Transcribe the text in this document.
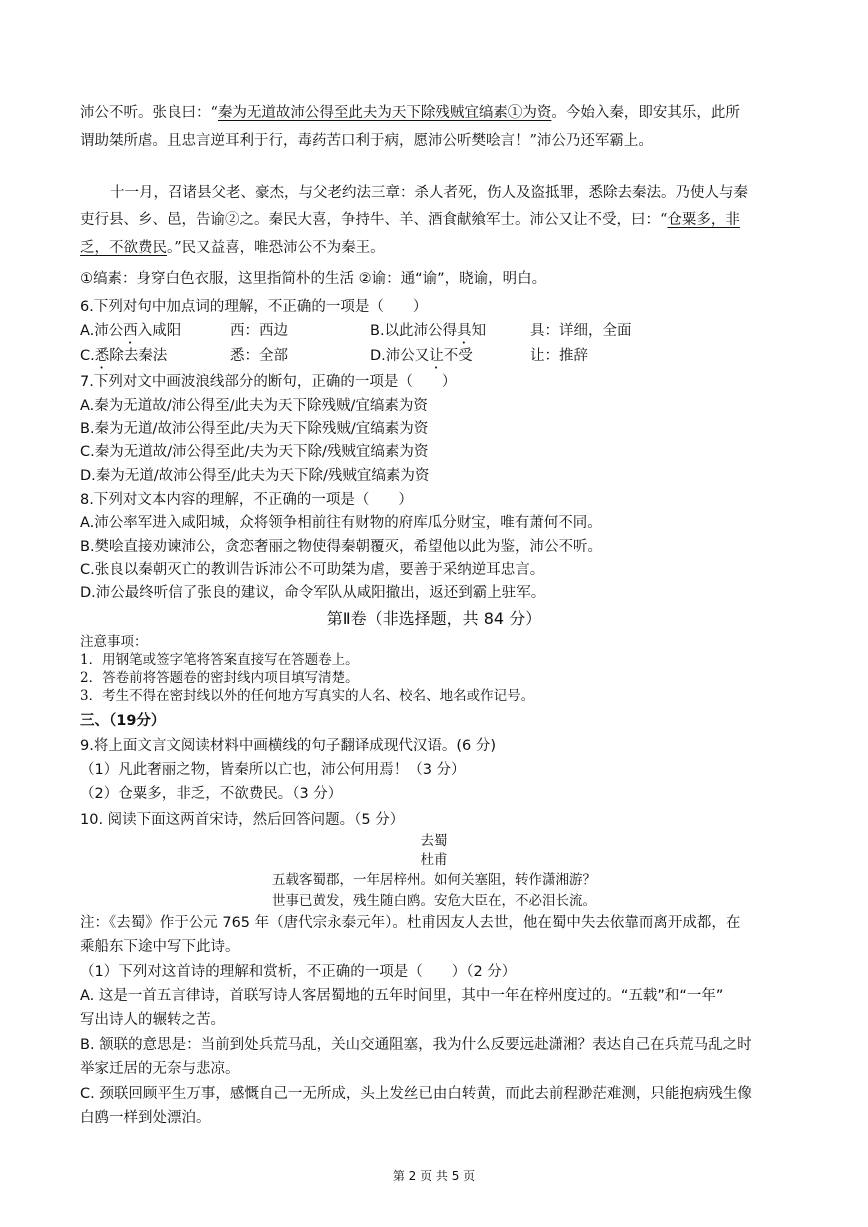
沛公不听。张良曰：“秦为无道故沛公得至此夫为天下除残贼宜缟素①为资。今始入秦，即安其乐，此所
谓助桀所虐。且忠言逆耳利于行，毒药苦口利于病，愿沛公听樊哙言！”沛公乃还军霸上。
十一月，召诸县父老、豪杰，与父老约法三章：杀人者死，伤人及盗抵罪，悉除去秦法。乃使人与秦
吏行县、乡、邑，告谕②之。秦民大喜，争持牛、羊、酒食献飨军士。沛公又让不受，曰：“仓粟多，非
乏，不欲费民。”民又益喜，唯恐沛公不为秦王。
①缟素：身穿白色衣服，这里指简朴的生活 ②谕：通“谕”，晓谕，明白。
6.下列对句中加点词的理解，不正确的一项是（　　）
A.沛公西入咸阳	西：西边	B.以此沛公得具知	具：详细，全面
C.悉除去秦法	悉：全部	D.沛公又让不受	让：推辞
7.下列对文中画波浪线部分的断句，正确的一项是（　　）
A.秦为无道故/沛公得至/此夫为天下除残贼/宜缟素为资
B.秦为无道/故沛公得至此/夫为天下除残贼/宜缟素为资
C.秦为无道故/沛公得至此/夫为天下除/残贼宜缟素为资
D.秦为无道/故沛公得至/此夫为天下除/残贼宜缟素为资
8.下列对文本内容的理解，不正确的一项是（　　）
A.沛公率军进入咸阳城，众将领争相前往有财物的府库瓜分财宝，唯有萧何不同。
B.樊哙直接劝谏沛公，贪恋奢丽之物使得秦朝覆灭，希望他以此为鉴，沛公不听。
C.张良以秦朝灭亡的教训告诉沛公不可助桀为虐，要善于采纳逆耳忠言。
D.沛公最终听信了张良的建议，命令军队从咸阳撤出，返还到霸上驻军。
第Ⅱ卷（非选择题，共 84 分）
注意事项：
1．用钢笔或签字笔将答案直接写在答题卷上。
2．答卷前将答题卷的密封线内项目填写清楚。
3．考生不得在密封线以外的任何地方写真实的人名、校名、地名或作记号。
三、（19分）
9.将上面文言文阅读材料中画横线的句子翻译成现代汉语。(6 分)
（1）凡此奢丽之物，皆秦所以亡也，沛公何用焉！（3 分）
（2）仓粟多，非乏，不欲费民。（3 分）
10. 阅读下面这两首宋诗，然后回答问题。（5 分）
去蜀
杜甫
五载客蜀郡，一年居梓州。如何关塞阻，转作潇湘游？
世事已黄发，残生随白鸥。安危大臣在，不必泪长流。
注：《去蜀》作于公元 765 年（唐代宗永泰元年）。杜甫因友人去世，他在蜀中失去依靠而离开成都，在
乘船东下途中写下此诗。
（1）下列对这首诗的理解和赏析，不正确的一项是（　　）（2 分）
A. 这是一首五言律诗，首联写诗人客居蜀地的五年时间里，其中一年在梓州度过的。“五载”和“一年”
写出诗人的辗转之苦。
B. 颔联的意思是：当前到处兵荒马乱，关山交通阻塞，我为什么反要远赴潇湘？表达自己在兵荒马乱之时
举家迁居的无奈与悲凉。
C. 颈联回顾平生万事，感慨自己一无所成，头上发丝已由白转黄，而此去前程渺茫难测，只能抱病残生像
白鸥一样到处漂泊。
第 2 页 共 5 页
